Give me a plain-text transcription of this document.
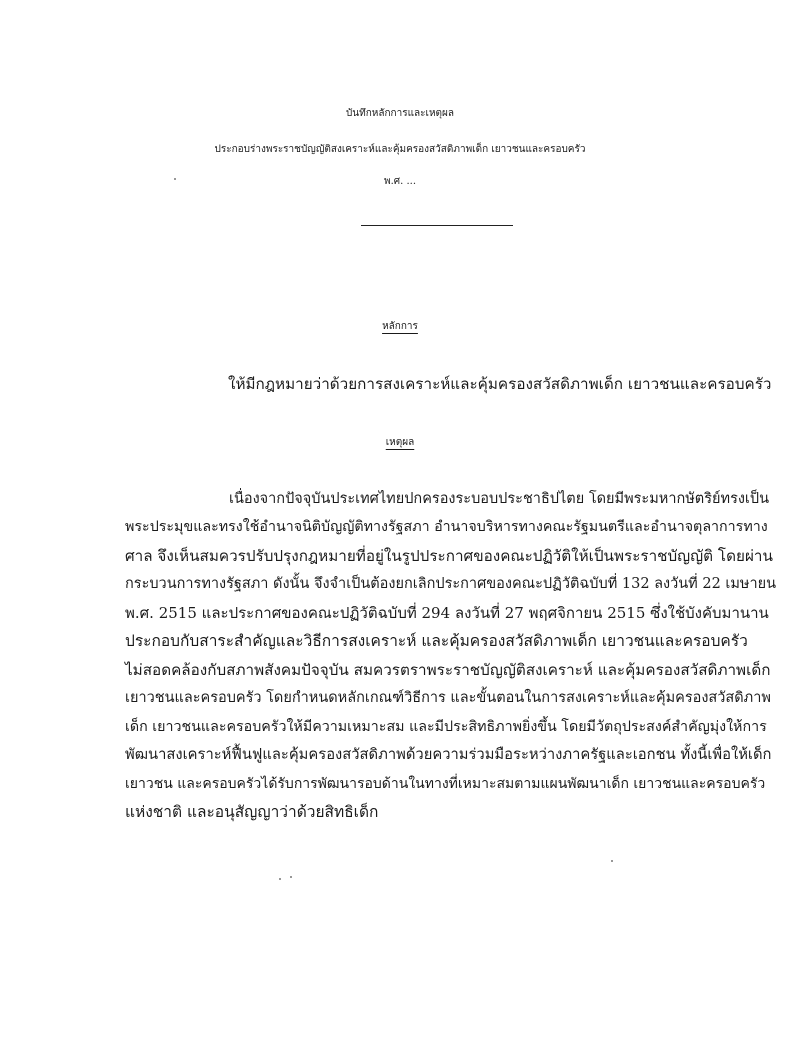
บันทึกหลักการและเหตุผล
ประกอบร่างพระราชบัญญัติสงเคราะห์และคุ้มครองสวัสดิภาพเด็ก เยาวชนและครอบครัว
พ.ศ. ...
หลักการ
ให้มีกฎหมายว่าด้วยการสงเคราะห์และคุ้มครองสวัสดิภาพเด็ก เยาวชนและครอบครัว
เหตุผล
เนื่องจากปัจจุบันประเทศไทยปกครองระบอบประชาธิปไตย โดยมีพระมหากษัตริย์ทรงเป็น
พระประมุขและทรงใช้อำนาจนิติบัญญัติทางรัฐสภา อำนาจบริหารทางคณะรัฐมนตรีและอำนาจตุลาการทาง
ศาล จึงเห็นสมควรปรับปรุงกฎหมายที่อยู่ในรูปประกาศของคณะปฏิวัติให้เป็นพระราชบัญญัติ โดยผ่าน
กระบวนการทางรัฐสภา ดังนั้น จึงจำเป็นต้องยกเลิกประกาศของคณะปฏิวัติฉบับที่ 132 ลงวันที่ 22 เมษายน
พ.ศ. 2515 และประกาศของคณะปฏิวัติฉบับที่ 294 ลงวันที่ 27 พฤศจิกายน 2515 ซึ่งใช้บังคับมานาน
ประกอบกับสาระสำคัญและวิธีการสงเคราะห์ และคุ้มครองสวัสดิภาพเด็ก เยาวชนและครอบครัว
ไม่สอดคล้องกับสภาพสังคมปัจจุบัน สมควรตราพระราชบัญญัติสงเคราะห์ และคุ้มครองสวัสดิภาพเด็ก
เยาวชนและครอบครัว โดยกำหนดหลักเกณฑ์วิธีการ และขั้นตอนในการสงเคราะห์และคุ้มครองสวัสดิภาพ
เด็ก เยาวชนและครอบครัวให้มีความเหมาะสม และมีประสิทธิภาพยิ่งขึ้น โดยมีวัตถุประสงค์สำคัญมุ่งให้การ
พัฒนาสงเคราะห์ฟื้นฟูและคุ้มครองสวัสดิภาพด้วยความร่วมมือระหว่างภาครัฐและเอกชน ทั้งนี้เพื่อให้เด็ก
เยาวชน และครอบครัวได้รับการพัฒนารอบด้านในทางที่เหมาะสมตามแผนพัฒนาเด็ก เยาวชนและครอบครัว
แห่งชาติ และอนุสัญญาว่าด้วยสิทธิเด็ก
